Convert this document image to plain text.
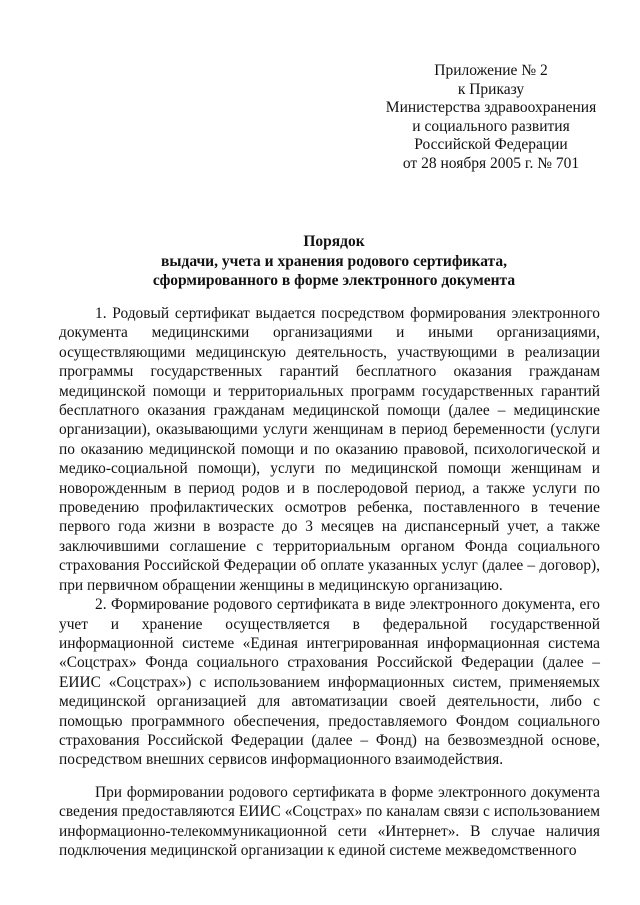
Приложение № 2
к Приказу
Министерства здравоохранения
и социального развития
Российской Федерации
от 28 ноября 2005 г. № 701
Порядок
выдачи, учета и хранения родового сертификата,
сформированного в форме электронного документа

1. Родовый сертификат выдается посредством формирования электронного документа медицинскими организациями и иными организациями, осуществляющими медицинскую деятельность, участвующими в реализации программы государственных гарантий бесплатного оказания гражданам медицинской помощи и территориальных программ государственных гарантий бесплатного оказания гражданам медицинской помощи (далее – медицинские организации), оказывающими услуги женщинам в период беременности (услуги по оказанию медицинской помощи и по оказанию правовой, психологической и медико-социальной помощи), услуги по медицинской помощи женщинам и новорожденным в период родов и в послеродовой период, а также услуги по проведению профилактических осмотров ребенка, поставленного в течение первого года жизни в возрасте до 3 месяцев на диспансерный учет, а также заключившими соглашение с территориальным органом Фонда социального страхования Российской Федерации об оплате указанных услуг (далее – договор), при первичном обращении женщины в медицинскую организацию.

2. Формирование родового сертификата в виде электронного документа, его учет и хранение осуществляется в федеральной государственной информационной системе «Единая интегрированная информационная система «Соцстрах» Фонда социального страхования Российской Федерации (далее – ЕИИС «Соцстрах») с использованием информационных систем, применяемых медицинской организацией для автоматизации своей деятельности, либо с помощью программного обеспечения, предоставляемого Фондом социального страхования Российской Федерации (далее – Фонд) на безвозмездной основе, посредством внешних сервисов информационного взаимодействия.

При формировании родового сертификата в форме электронного документа сведения предоставляются ЕИИС «Соцстрах» по каналам связи с использованием информационно-телекоммуникационной сети «Интернет». В случае наличия подключения медицинской организации к единой системе межведомственного
